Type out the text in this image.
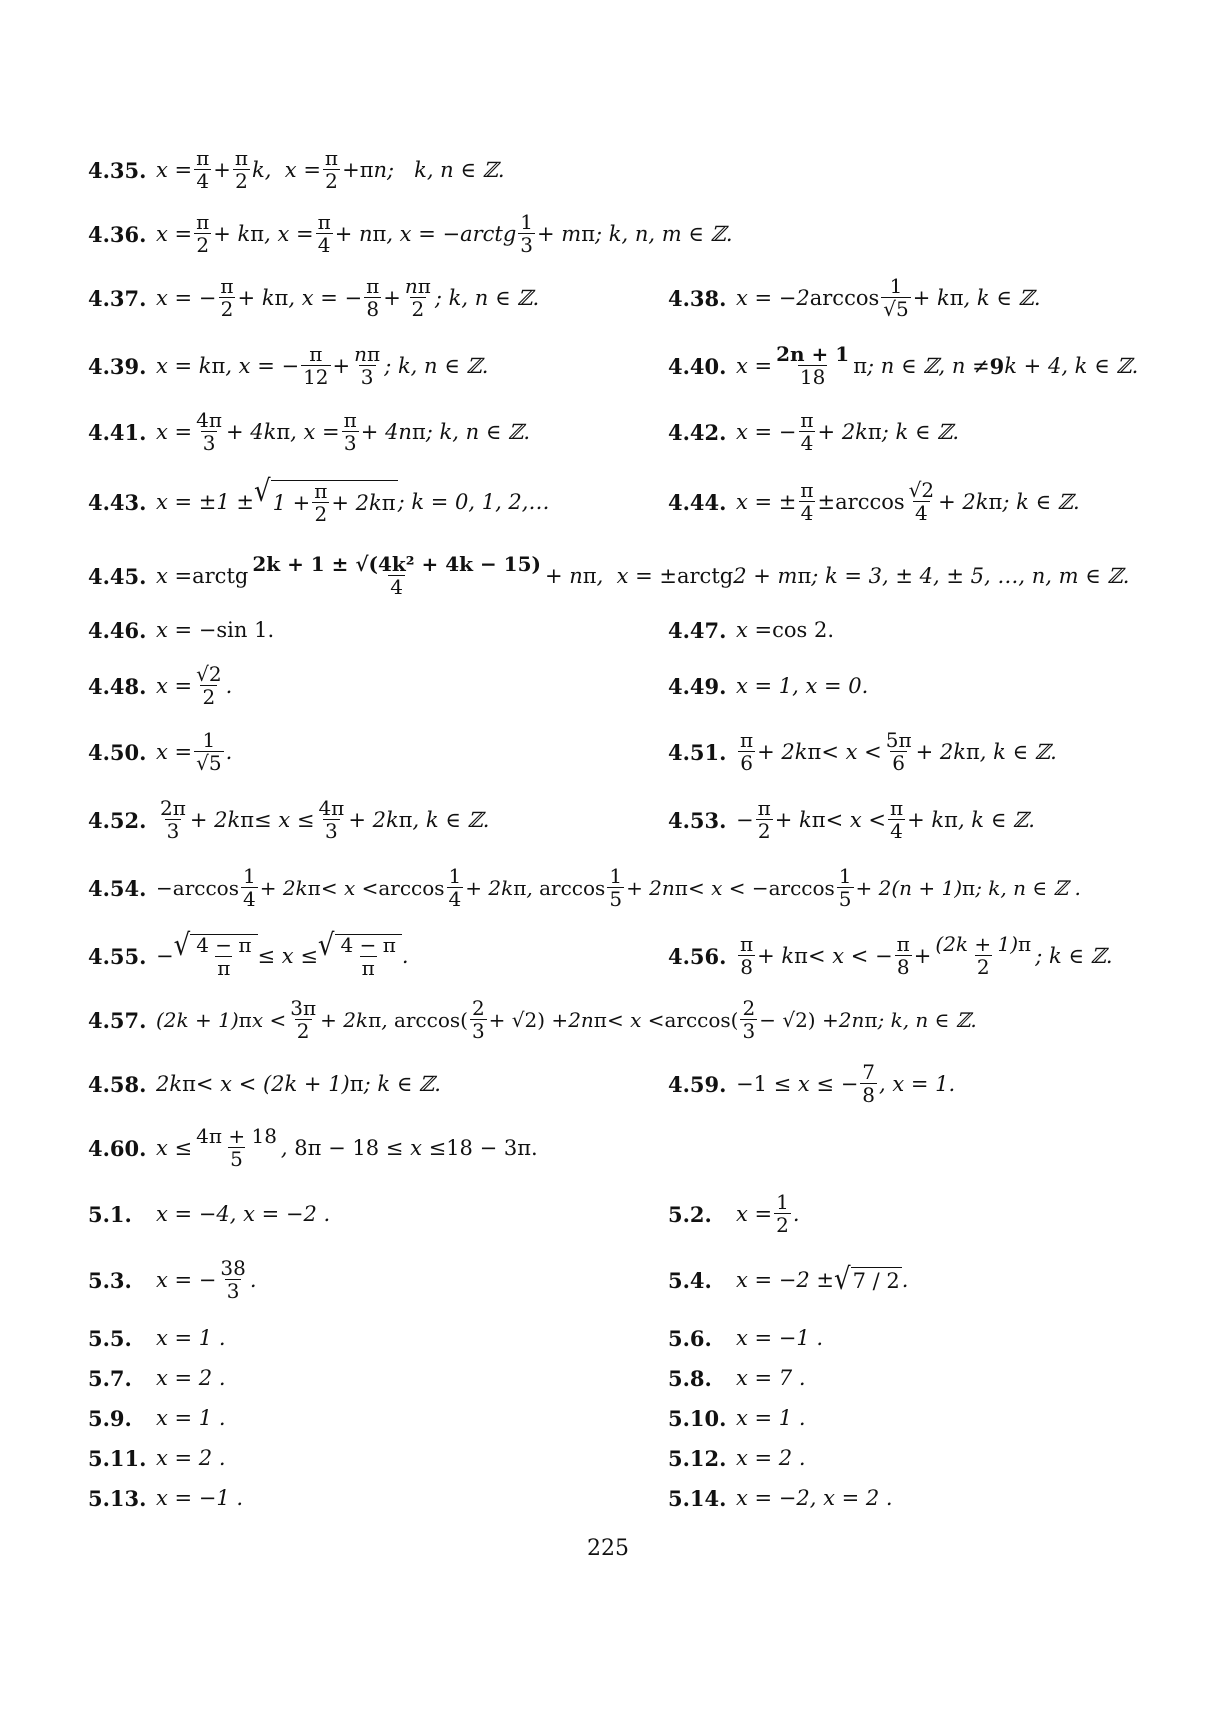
4.35. x = π
4 + π
2 k,  x = π
2 + π n; k, n ∈ ℤ.
4.36. x = π
2 + k π , x = π
4 + n π , x = −arctg 1
3 + m π ; k, n, m ∈ ℤ.
4.37. x = − π
2 + k π , x = − π
8 + nπ
2 ; k, n ∈ ℤ.	4.38. x = −2 arccos 1
√5 + k π , k ∈ ℤ.
4.39. x = k π , x = − π
12 + nπ
3 ; k, n ∈ ℤ.	4.40. x = 2n + 1
18 π ; n ∈ ℤ, n ≠ 9 k + 4, k ∈ ℤ.
4.41. x = 4π
3 + 4k π , x = π
3 + 4n π ; k, n ∈ ℤ.	4.42. x = − π
4 + 2k π ; k ∈ ℤ.
4.43. x = ±1 ± √ 1 + π
2 + 2k π ; k = 0, 1, 2,…	4.44. x = ± π
4 ± arccos √2
4 + 2k π ; k ∈ ℤ.
4.45. x = arctg 2k + 1 ± √(4k² + 4k − 15)
4	+ n π ,  x = ± arctg 2 + m π ; k = 3, ± 4, ± 5, …, n, m ∈ ℤ.
4.46. x = − sin 1.	4.47. x = cos 2.
4.48. x = √2
2 .	4.49. x = 1, x = 0.
4.50. x = 1
√5 .	4.51. π
6 + 2k π < x < 5π
6 + 2k π , k ∈ ℤ.
4.52. 2π
3 + 2k π ≤ x ≤ 4π
3 + 2k π , k ∈ ℤ.	4.53. − π
2 + k π < x < π
4 + k π , k ∈ ℤ.
4.54. − arccos 1
4 + 2k π < x < arccos 1
4 + 2k π , arccos 1
5 + 2n π < x < − arccos 1
5 + 2(n + 1) π ; k, n ∈ ℤ .
4.55. − √ 4 − π
π ≤ x ≤ √ 4 − π
π .	4.56. π
8 + k π < x < − π
8 + (2k + 1)π
2 ; k ∈ ℤ.
4.57. (2k + 1) π x < 3π
2 + 2k π , arccos( 2
3 + √2) + 2n π < x < arccos( 2
3 − √2) + 2n π ; k, n ∈ ℤ.
4.58. 2k π < x < (2k + 1) π ; k ∈ ℤ.	4.59. −1 ≤ x ≤ − $\frac{7}{8}$ , x = 1.
4.60. x ≤ 4π + 18
5 , 8π − 18 ≤ x ≤ 18 − 3π.
5.1.	x = −4, x = −2 .	5.2.	x = 1
2 .
5.3.	x = − 38
3 .	5.4.	x = −2 ± √ 7 / 2 .
5.5.	x = 1 .	5.6.	x = −1 .
5.7.	x = 2 .	5.8.	x = 7 .
5.9.	x = 1 .	5.10. x = 1 .
5.11. x = 2 .	5.12. x = 2 .
5.13. x = −1 .	5.14. x = −2, x = 2 .
225
